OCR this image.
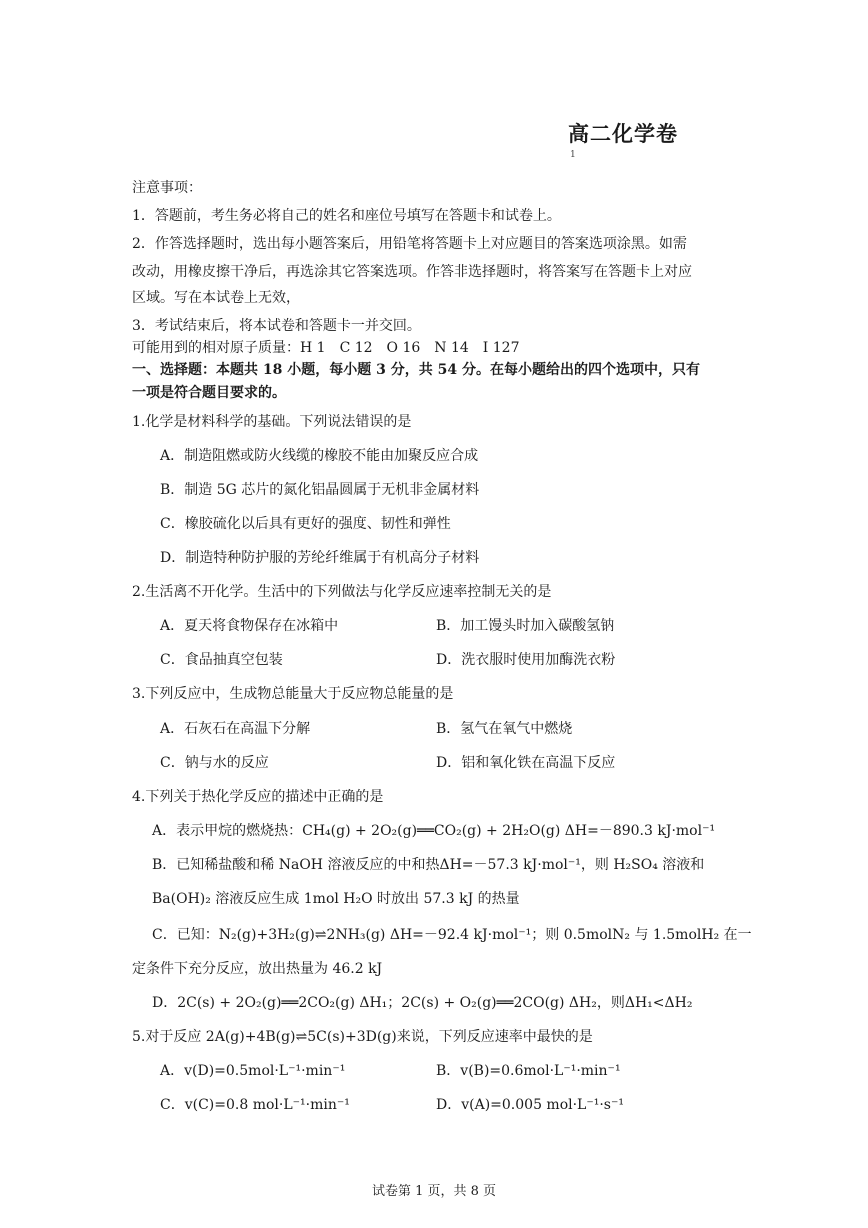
高二化学卷
1
注意事项：
1．答题前，考生务必将自己的姓名和座位号填写在答题卡和试卷上。
2．作答选择题时，选出每小题答案后，用铅笔将答题卡上对应题目的答案选项涂黑。如需
改动，用橡皮擦干净后，再选涂其它答案选项。作答非选择题时，将答案写在答题卡上对应
区域。写在本试卷上无效，
3．考试结束后，将本试卷和答题卡一并交回。
可能用到的相对原子质量：H 1　C 12　O 16　N 14　I 127
一、选择题：本题共 18 小题，每小题 3 分，共 54 分。在每小题给出的四个选项中，只有
一项是符合题目要求的。
1.化学是材料科学的基础。下列说法错误的是
A．制造阻燃或防火线缆的橡胶不能由加聚反应合成
B．制造 5G 芯片的氮化铝晶圆属于无机非金属材料
C．橡胶硫化以后具有更好的强度、韧性和弹性
D．制造特种防护服的芳纶纤维属于有机高分子材料
2.生活离不开化学。生活中的下列做法与化学反应速率控制无关的是
A．夏天将食物保存在冰箱中	B．加工馒头时加入碳酸氢钠
C．食品抽真空包装	D．洗衣服时使用加酶洗衣粉
3.下列反应中，生成物总能量大于反应物总能量的是
A．石灰石在高温下分解	B．氢气在氧气中燃烧
C．钠与水的反应	D．铝和氧化铁在高温下反应
4.下列关于热化学反应的描述中正确的是
A．表示甲烷的燃烧热：CH₄(g) + 2O₂(g)══CO₂(g) + 2H₂O(g) ΔH=－890.3 kJ·mol⁻¹
B．已知稀盐酸和稀 NaOH 溶液反应的中和热ΔH=－57.3 kJ·mol⁻¹，则 H₂SO₄ 溶液和
Ba(OH)₂ 溶液反应生成 1mol H₂O 时放出 57.3 kJ 的热量
C．已知：N₂(g)+3H₂(g)⇌2NH₃(g) ΔH=－92.4 kJ·mol⁻¹；则 0.5molN₂ 与 1.5molH₂ 在一
定条件下充分反应，放出热量为 46.2 kJ
D．2C(s) + 2O₂(g)══2CO₂(g) ΔH₁；2C(s) + O₂(g)══2CO(g) ΔH₂，则ΔH₁<ΔH₂
5.对于反应 2A(g)+4B(g)⇌5C(s)+3D(g)来说，下列反应速率中最快的是
A．v(D)=0.5mol·L⁻¹·min⁻¹	B．v(B)=0.6mol·L⁻¹·min⁻¹
C．v(C)=0.8 mol·L⁻¹·min⁻¹	D．v(A)=0.005 mol·L⁻¹·s⁻¹
试卷第 1 页，共 8 页
